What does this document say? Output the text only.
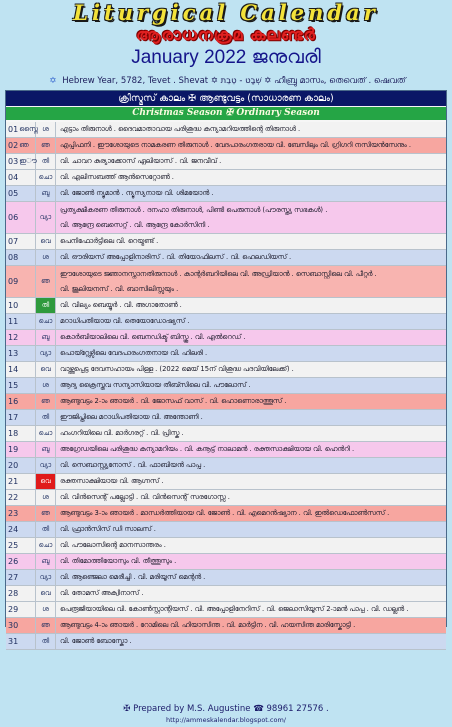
Liturgical Calendar
ആരാധനക്രമ കലണ്ടർ
January 2022 ജനുവരി
✡ Hebrew Year, 5782, Tevet . Shevat ✡ שְׁבָט - טֵבֵת ✡ ഹീബ്രു മാസം, തെവെത് . ഷെവത്
ക്രിസ്മസ് കാലം ✠ ആണ്ടുവട്ടം (സാധാരണ കാലം)
Christmas Season ✠ Ordinary Season
01 സ്നൈ ശ	എട്ടാം തിരുനാൾ . ദൈവമാതാവായ പരിശുദ്ധ കന്യാമറിയത്തിന്റെ തിരുനാൾ .
02 ഞ	ഞ	എപ്പിഫനി . ഈശോയുടെ നാമകരണ തിരുനാൾ . വേദപാരംഗതരായ വി. ബേസിലും വി. ഗ്രിഗറി നസിയൻസേനും .
03 ഇൗ തി	വി. ചാവറ കുര്യാക്കോസ് ഏലിയാസ് . വി. ജനവീവ് .
04	ചൊ	വി. എലിസബത്ത് ആൻസെറ്റോൺ .
05	ബു	വി. ജോൺ ന്യൂമാൻ . ന്യൂസ്യനായ വി. ശിമയോൻ .
06	വ്യാ
പ്രത്യക്ഷീകരണ തിരുനാൾ . ദനഹാ തിരുനാൾ, പിണ്ടി പെരുനാൾ (പൗരസ്ത്യ സഭകൾ) .
വി. ആന്ദ്രേ ബെസെറ്റ് . വി. ആന്ദ്രേ കോർസിനി .
07	വെ	പെനിഫോർട്ടിലെ വി. റെയ്മണ്ട് .
08	ശ	വി. ഔരിയസ് അപ്പോളിനാരിസ് . വി. തിയോഫിലസ് . വി. ഹെലഡിയസ് .
09	ഞ
ഈശോയുടെ ജ്ഞാനസ്നാനതിരുനാൾ . കാന്റർബറിയിലെ വി. അഡ്രിയാൻ . സെബാസ്റ്റിലെ വി. പീറ്റർ .
വി. ജൂലിയനസ് . വി. ബാസിലിസ്സയും .
10	തി	വി. വില്യം ബെയ്യൂർ . വി. അഗാതോൺ .
11	ചൊ	മഠാധിപതിയായ വി. തെയോഡോഷ്യസ് .
12	ബു	കൊർബിയാലിലെ വി. ബെനഡിക്ട് ബിസ്കൂ . വി. എൽറെഡ് .
13	വ്യാ	പൊയ്റ്റേഴ്സിലെ വേദപാരംഗതനായ വി. ഹിലരി .
14	വെ	വാഴ്ത്തപ്പെട്ട ദേവസഹായം പിള്ള . (2022 മെയ് 15ന് വിശുദ്ധ പദവിയിലേക്ക്) .
15	ശ	ആദ്യ ക്രൈസ്തവ സന്യാസിയായ തീബ്സിലെ വി. പൗലോസ് .
16	ഞ	ആണ്ടുവട്ടം 2-ാം ഞായർ . വി. ജോസഫ് വാസ് . വി. ഹൊണൊരാത്തൂസ് .
17	തി	ഈജിപ്തിലെ മഠാധിപതിയായ വി. അന്തോണി .
18	ചൊ	ഹംഗറിയിലെ വി. മാർഗരറ്റ് . വി. പ്രിസ്ക .
19	ബു	അഗ്രേഡയിലെ പരിശുദ്ധ കന്യാമറിയം . വി. കനൂട്ട് നാലാമൻ . രക്തസാക്ഷിയായ വി. ഹെൻറി .
20	വ്യാ	വി. സെബാസ്റ്റ്യനോസ് . വി. ഫാബിയൻ പാപ്പ .
21	വെ	രക്തസാക്ഷിയായ വി. ആഗ്നസ് .
22	ശ	വി. വിൻസെന്റ് പല്ലോട്ടി . വി. വിൻസെന്റ് സരഗോസ്സ .
23	ഞ	ആണ്ടുവട്ടം 3-ാം ഞായർ . മാന്ധർത്തിയായ വി. ജോൺ . വി. എമെറൻഷ്യാന . വി. ഇൽഡെഫോൺസസ് .
24	തി	വി. ഫ്രാൻസിസ് ഡി സാലസ് .
25	ചൊ	വി. പൗലോസിന്റെ മാനസാന്തരം .
26	ബു	വി. തിമോത്തിയോസും വി. തീത്തൂസും .
27	വ്യാ	വി. ആഞ്ജെലാ മെരീച്ചി . വി. മരിയൂസ് മെന്റൻ .
28	വെ	വി. തോമസ് അക്വിനാസ് .
29	ശ	പെരൂജിയായിലെ വി. കോൺസ്റ്റാന്റിയസ് . വി. അപ്പോളിനേറിസ് . വി. ജെലാസിയൂസ് 2-ാമൻ പാപ്പ . വി. ഡല്ലൻ .
30	ഞ	ആണ്ടുവട്ടം 4-ാം ഞായർ . റോമിലെ വി. ഹിയാസിന്ത . വി. മാർട്ടിന . വി. ഹയസിന്ത മാരിസ്കോട്ടി .
31	തി	വി. ജോൺ ബോസ്കോ .
✠ Prepared by M.S. Augustine ☎ 98961 27576 .
http://ammeskalendar.blogspot.com/
